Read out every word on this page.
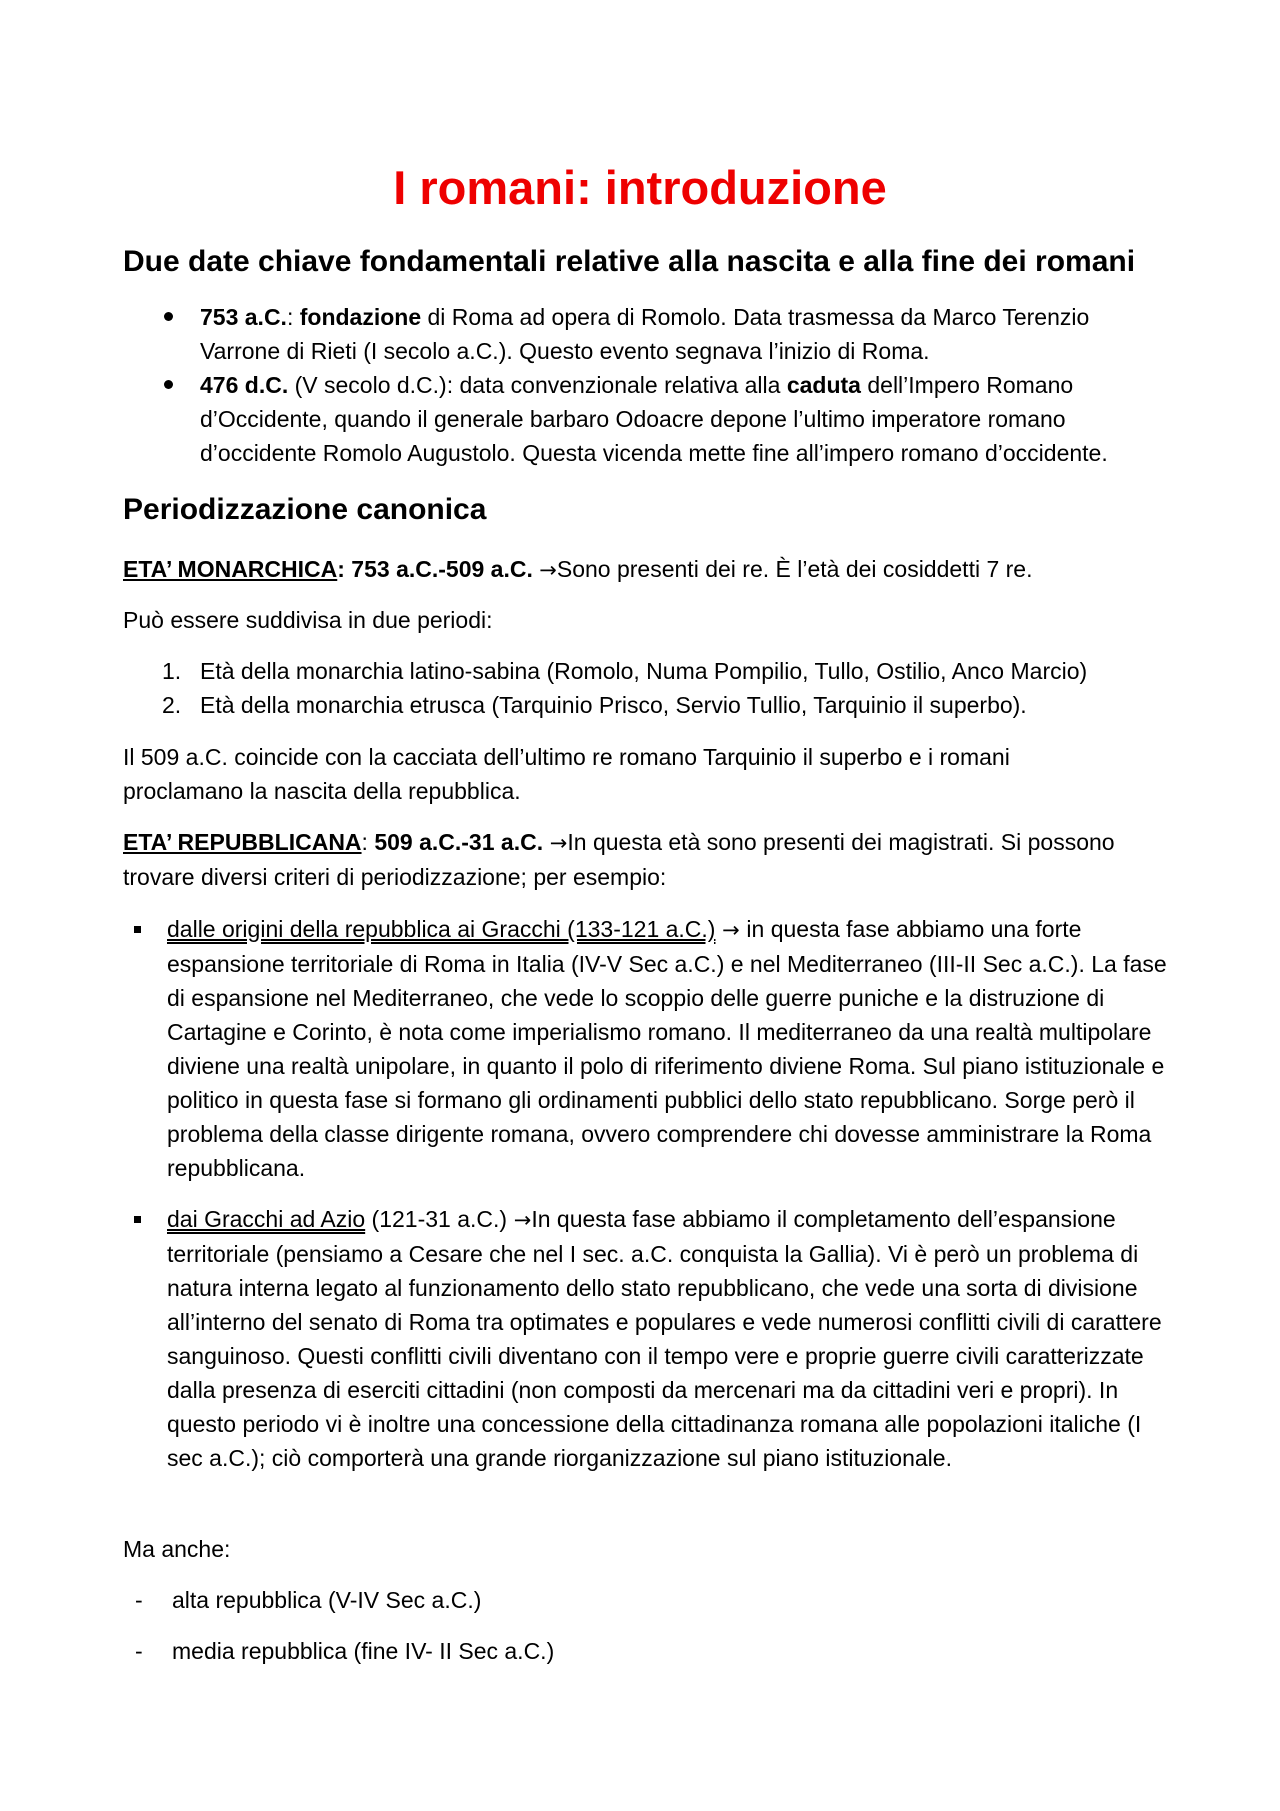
I romani: introduzione
Due date chiave fondamentali relative alla nascita e alla fine dei romani
753 a.C.: fondazione di Roma ad opera di Romolo. Data trasmessa da Marco Terenzio Varrone di Rieti (I secolo a.C.). Questo evento segnava l’inizio di Roma.
476 d.C. (V secolo d.C.): data convenzionale relativa alla caduta dell’Impero Romano d’Occidente, quando il generale barbaro Odoacre depone l’ultimo imperatore romano d’occidente Romolo Augustolo. Questa vicenda mette fine all’impero romano d’occidente.
Periodizzazione canonica

ETA’ MONARCHICA: 753 a.C.-509 a.C. →Sono presenti dei re. È l’età dei cosiddetti 7 re.

Può essere suddivisa in due periodi:

1. Età della monarchia latino-sabina (Romolo, Numa Pompilio, Tullo, Ostilio, Anco Marcio)
2. Età della monarchia etrusca (Tarquinio Prisco, Servio Tullio, Tarquinio il superbo).

Il 509 a.C. coincide con la cacciata dell’ultimo re romano Tarquinio il superbo e i romani proclamano la nascita della repubblica.

ETA’ REPUBBLICANA: 509 a.C.-31 a.C. →In questa età sono presenti dei magistrati. Si possono trovare diversi criteri di periodizzazione; per esempio:

dalle origini della repubblica ai Gracchi (133-121 a.C.) → in questa fase abbiamo una forte espansione territoriale di Roma in Italia (IV-V Sec a.C.) e nel Mediterraneo (III-II Sec a.C.). La fase di espansione nel Mediterraneo, che vede lo scoppio delle guerre puniche e la distruzione di Cartagine e Corinto, è nota come imperialismo romano. Il mediterraneo da una realtà multipolare diviene una realtà unipolare, in quanto il polo di riferimento diviene Roma. Sul piano istituzionale e politico in questa fase si formano gli ordinamenti pubblici dello stato repubblicano. Sorge però il problema della classe dirigente romana, ovvero comprendere chi dovesse amministrare la Roma repubblicana.
dai Gracchi ad Azio (121-31 a.C.) →In questa fase abbiamo il completamento dell’espansione territoriale (pensiamo a Cesare che nel I sec. a.C. conquista la Gallia). Vi è però un problema di natura interna legato al funzionamento dello stato repubblicano, che vede una sorta di divisione all’interno del senato di Roma tra optimates e populares e vede numerosi conflitti civili di carattere sanguinoso. Questi conflitti civili diventano con il tempo vere e proprie guerre civili caratterizzate dalla presenza di eserciti cittadini (non composti da mercenari ma da cittadini veri e propri). In questo periodo vi è inoltre una concessione della cittadinanza romana alle popolazioni italiche (I sec a.C.); ciò comporterà una grande riorganizzazione sul piano istituzionale.

Ma anche:

- alta repubblica (V-IV Sec a.C.)
- media repubblica (fine IV- II Sec a.C.)
